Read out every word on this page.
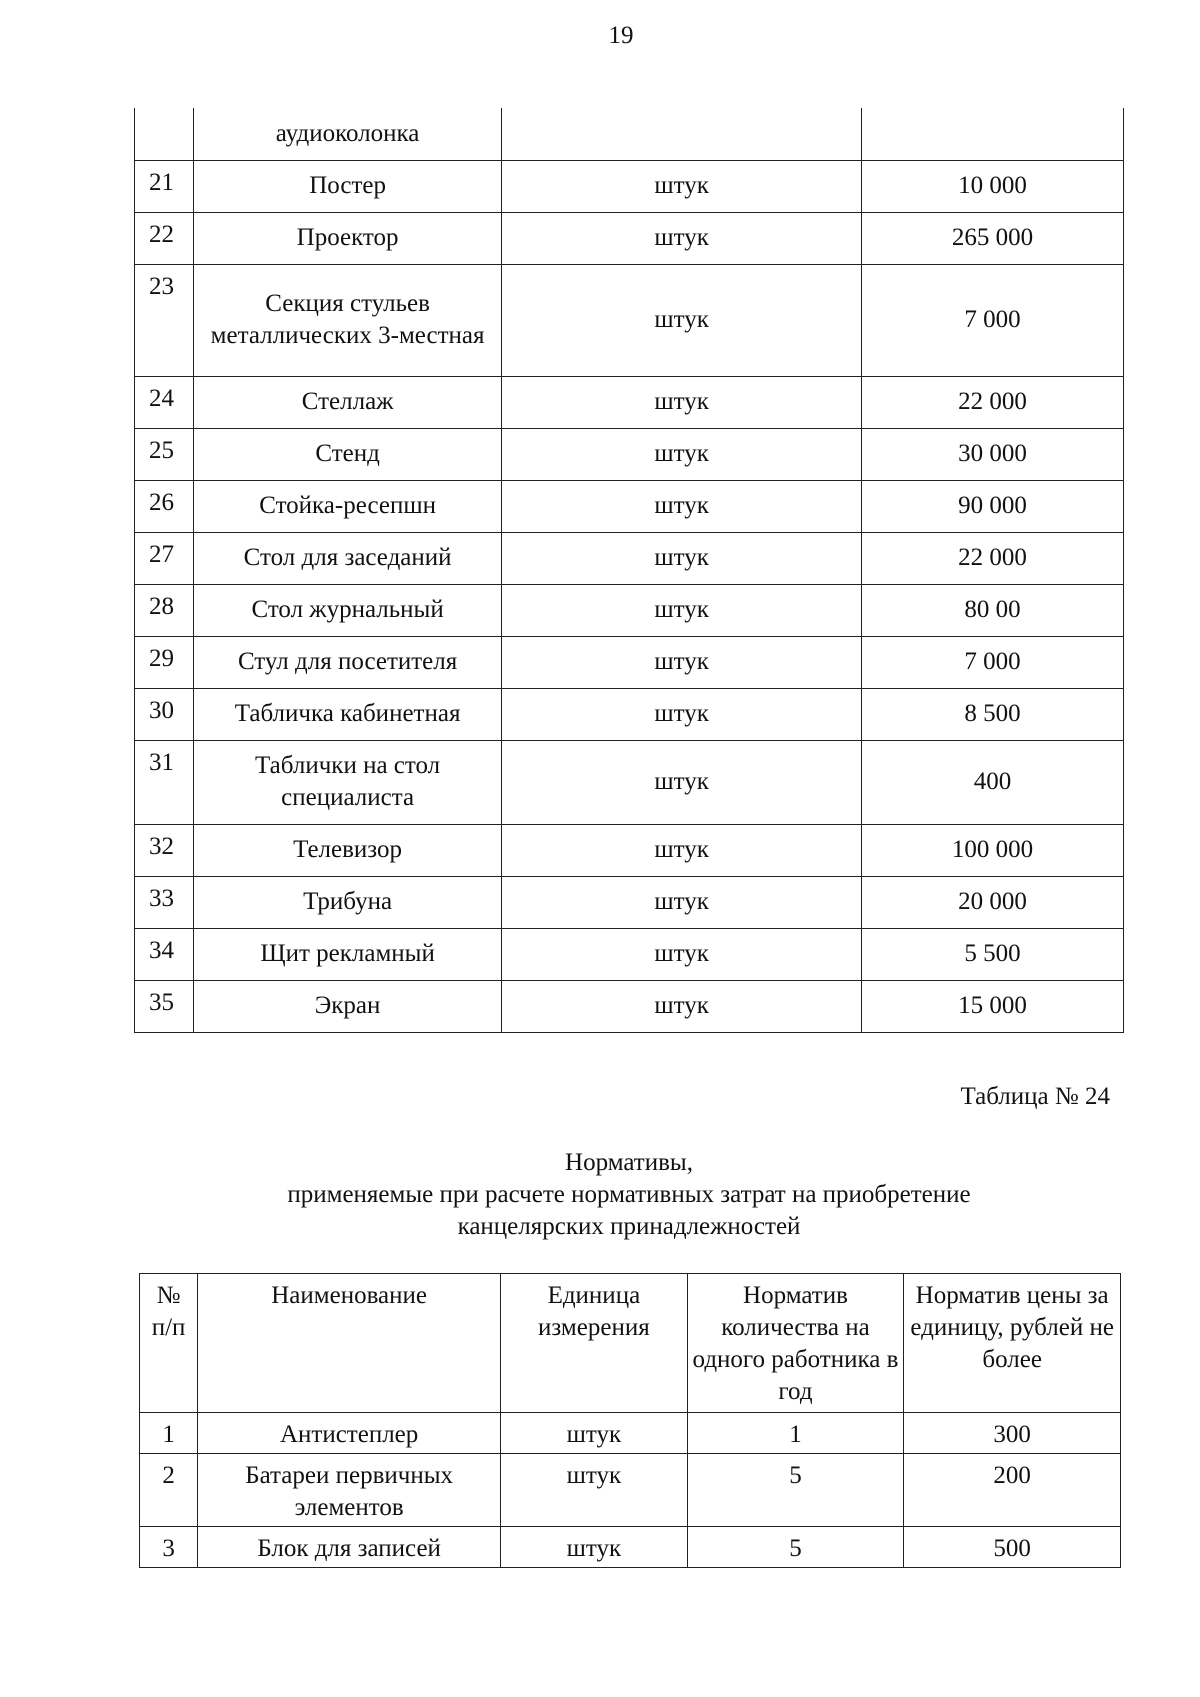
19
	аудиоколонка		
21	Постер	штук	10 000
22	Проектор	штук	265 000
23	Секция стульев металлических 3-местная	штук	7 000
24	Стеллаж	штук	22 000
25	Стенд	штук	30 000
26	Стойка-ресепшн	штук	90 000
27	Стол для заседаний	штук	22 000
28	Стол журнальный	штук	80 00
29	Стул для посетителя	штук	7 000
30	Табличка кабинетная	штук	8 500
31	Таблички на стол специалиста	штук	400
32	Телевизор	штук	100 000
33	Трибуна	штук	20 000
34	Щит рекламный	штук	5 500
35	Экран	штук	15 000
Таблица № 24
Нормативы,
применяемые при расчете нормативных затрат на приобретение
канцелярских принадлежностей
№ п/п	Наименование	Единица измерения	Норматив количества на одного работника в год	Норматив цены за единицу, рублей не более
1	Антистеплер	штук	1	300
2	Батареи первичных элементов	штук	5	200
3	Блок для записей	штук	5	500
